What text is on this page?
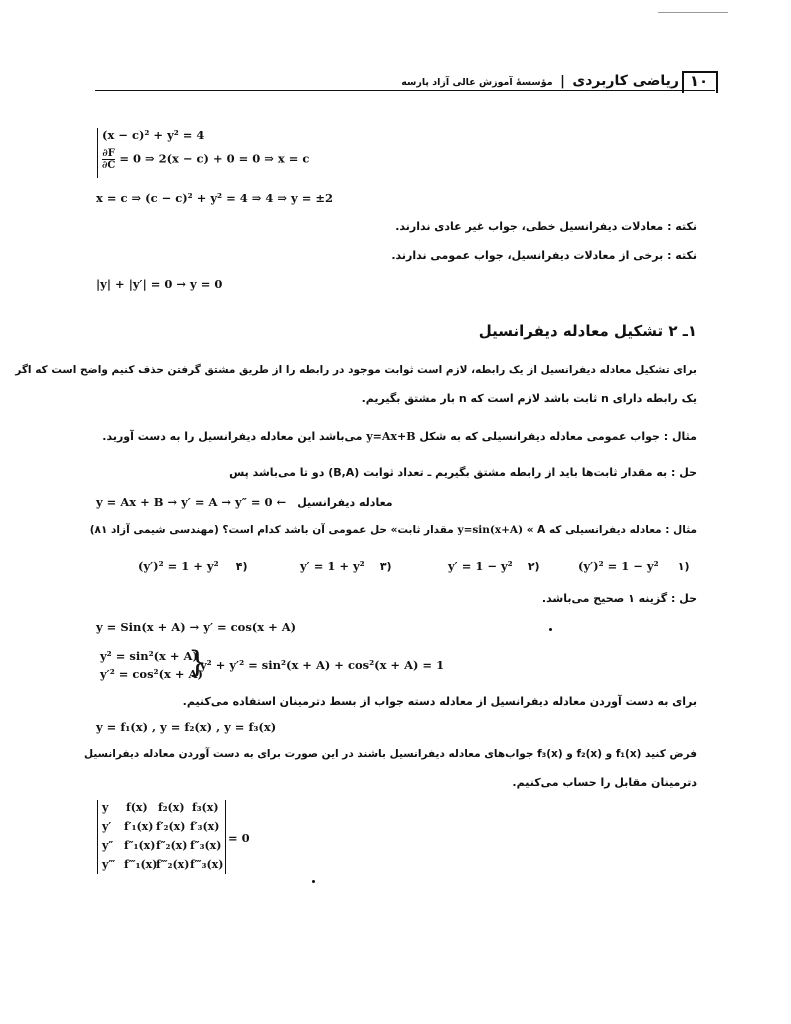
۱۰
ریاضی کاربردی | مؤسسهٔ آموزش عالی آزاد پارسه
(x − c)² + y² = 4
$\frac{\partial F}{\partial C} = 0$ ⇒ 2(x − c) + 0 = 0 ⇒ x = c
x = c ⇒ (c − c)² + y² = 4 ⇒ 4 ⇒ y = ±2
نکته : معادلات دیفرانسیل خطی، جواب غیر عادی ندارند.
نکته : برخی از معادلات دیفرانسیل، جواب عمومی ندارند.
|y| + |y′| = 0 → y = 0
۱ـ ۲ تشکیل معادله دیفرانسیل
برای تشکیل معادله دیفرانسیل از یک رابطه، لازم است ثوابت موجود در رابطه را از طریق مشتق گرفتن حذف کنیم واضح است که اگر
یک رابطه دارای n ثابت باشد لازم است که n بار مشتق بگیریم.
مثال : جواب عمومی معادله دیفرانسیلی که به شکل y=Ax+B می‌باشد این معادله دیفرانسیل را به دست آورید.
حل : به مقدار ثابت‌ها باید از رابطه مشتق بگیریم ـ تعداد ثوابت (B,A) دو تا می‌باشد پس
y = Ax + B → y′ = A → y″ = 0 ← معادله دیفرانسیل
مثال : معادله دیفرانسیلی که y=sin(x+A) « A مقدار ثابت» حل عمومی آن باشد کدام است؟ (مهندسی شیمی آزاد ۸۱)
(y′)² = 1 − y² ۱)
y′ = 1 − y² ۲)
y′ = 1 + y² ۳)
(y′)² = 1 + y² ۴)
حل : گزینه ۱ صحیح می‌باشد.
y = Sin(x + A) → y′ = cos(x + A)
y² = sin²(x + A)
y′² = cos²(x + A)
}
y² + y′² = sin²(x + A) + cos²(x + A) = 1
برای به دست آوردن معادله دیفرانسیل از معادله دسته جواب از بسط دترمینان استفاده می‌کنیم.
y = f₁(x) , y = f₂(x) , y = f₃(x)
فرض کنید f₁(x) و f₂(x) و f₃(x) جواب‌های معادله دیفرانسیل باشند در این صورت برای به دست آوردن معادله دیفرانسیل
دترمینان مقابل را حساب می‌کنیم.
y f(x) f₂(x) f₃(x)
y′ f′₁(x) f′₂(x) f′₃(x)
y″ f″₁(x) f″₂(x) f″₃(x)
y‴ f‴₁(x)
f‴₂(x) f‴₃(x)
= 0
